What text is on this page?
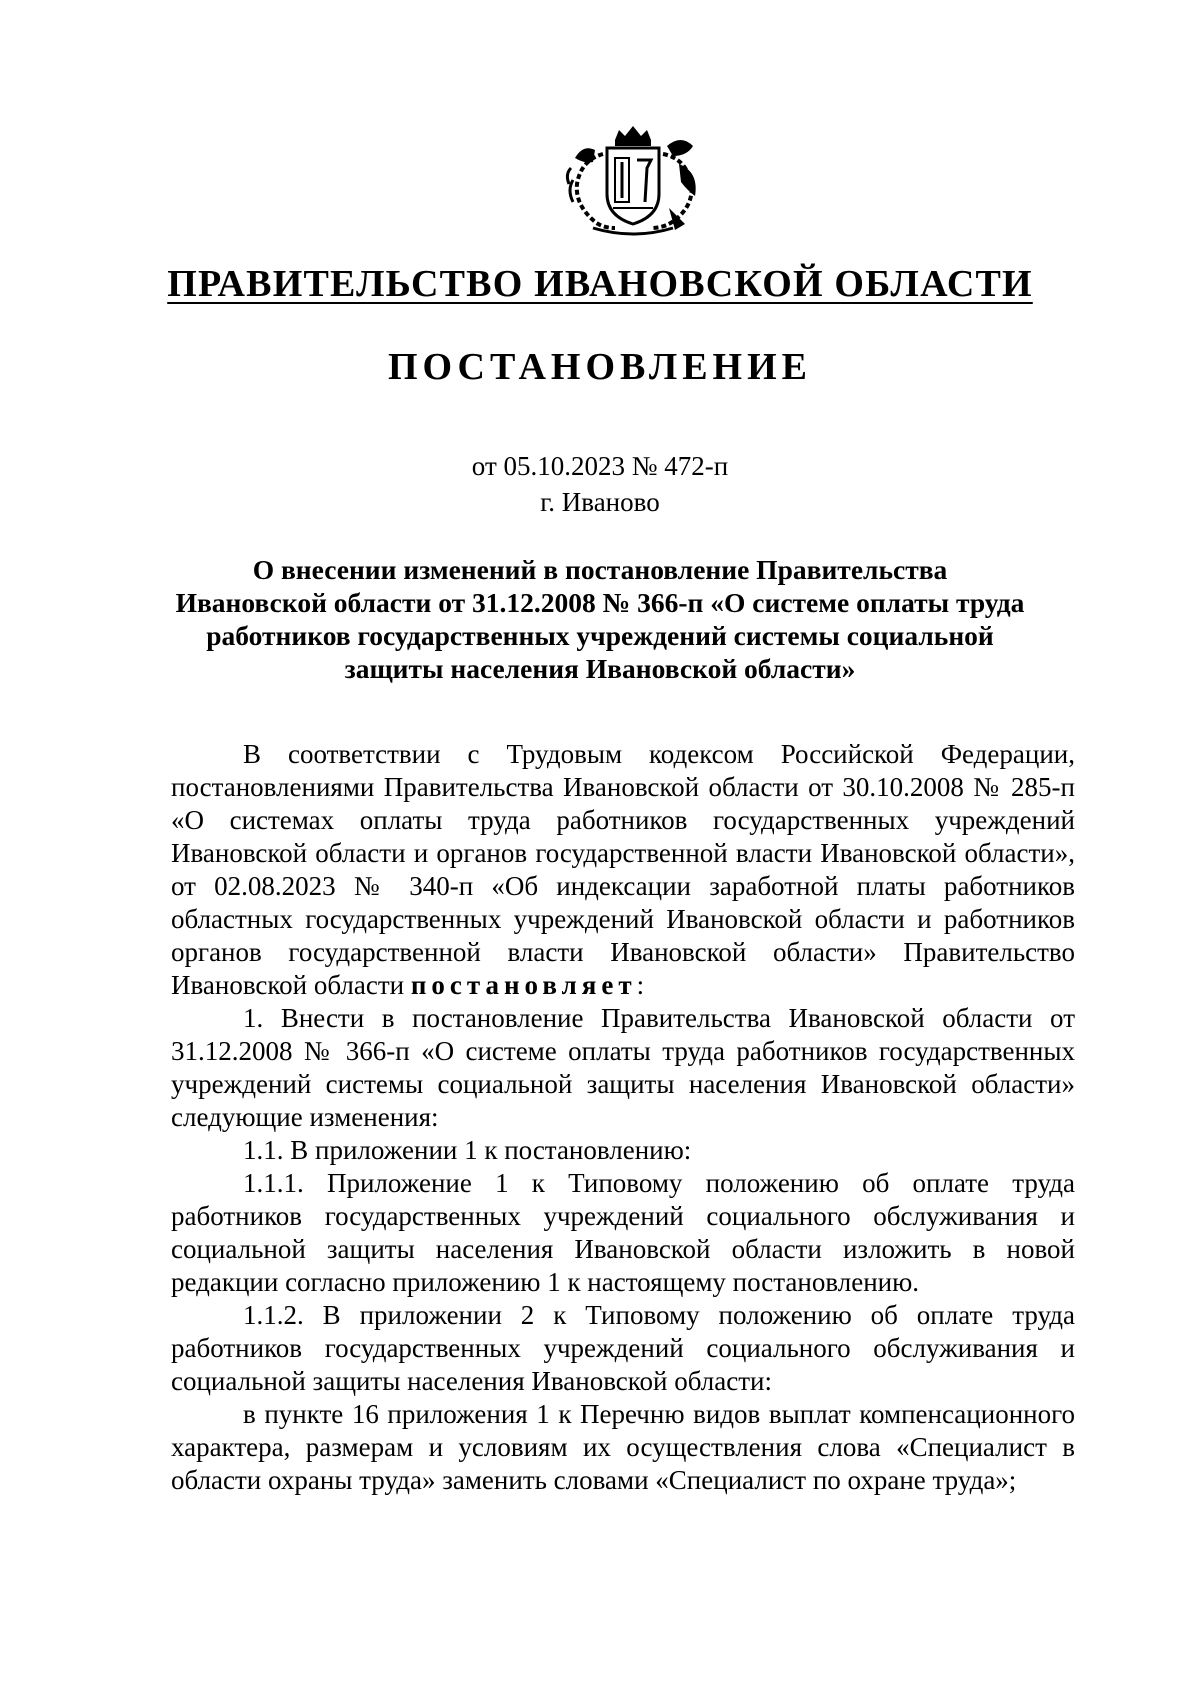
ПРАВИТЕЛЬСТВО ИВАНОВСКОЙ ОБЛАСТИ
ПОСТАНОВЛЕНИЕ
от 05.10.2023 № 472-п
г. Иваново
О внесении изменений в постановление Правительства
Ивановской области от 31.12.2008 № 366-п «О системе оплаты труда
работников государственных учреждений системы социальной
защиты населения Ивановской области»

В соответствии с Трудовым кодексом Российской Федерации, постановлениями Правительства Ивановской области от 30.10.2008 № 285-п «О системах оплаты труда работников государственных учреждений Ивановской области и органов государственной власти Ивановской области», от 02.08.2023 № 340-п «Об индексации заработной платы работников областных государственных учреждений Ивановской области и работников органов государственной власти Ивановской области» Правительство Ивановской области постановляет:

1. Внести в постановление Правительства Ивановской области от 31.12.2008 № 366-п «О системе оплаты труда работников государственных учреждений системы социальной защиты населения Ивановской области» следующие изменения:

1.1. В приложении 1 к постановлению:

1.1.1. Приложение 1 к Типовому положению об оплате труда работников государственных учреждений социального обслуживания и социальной защиты населения Ивановской области изложить в новой редакции согласно приложению 1 к настоящему постановлению.

1.1.2. В приложении 2 к Типовому положению об оплате труда работников государственных учреждений социального обслуживания и социальной защиты населения Ивановской области:

в пункте 16 приложения 1 к Перечню видов выплат компенсационного характера, размерам и условиям их осуществления слова «Специалист в области охраны труда» заменить словами «Специалист по охране труда»;
